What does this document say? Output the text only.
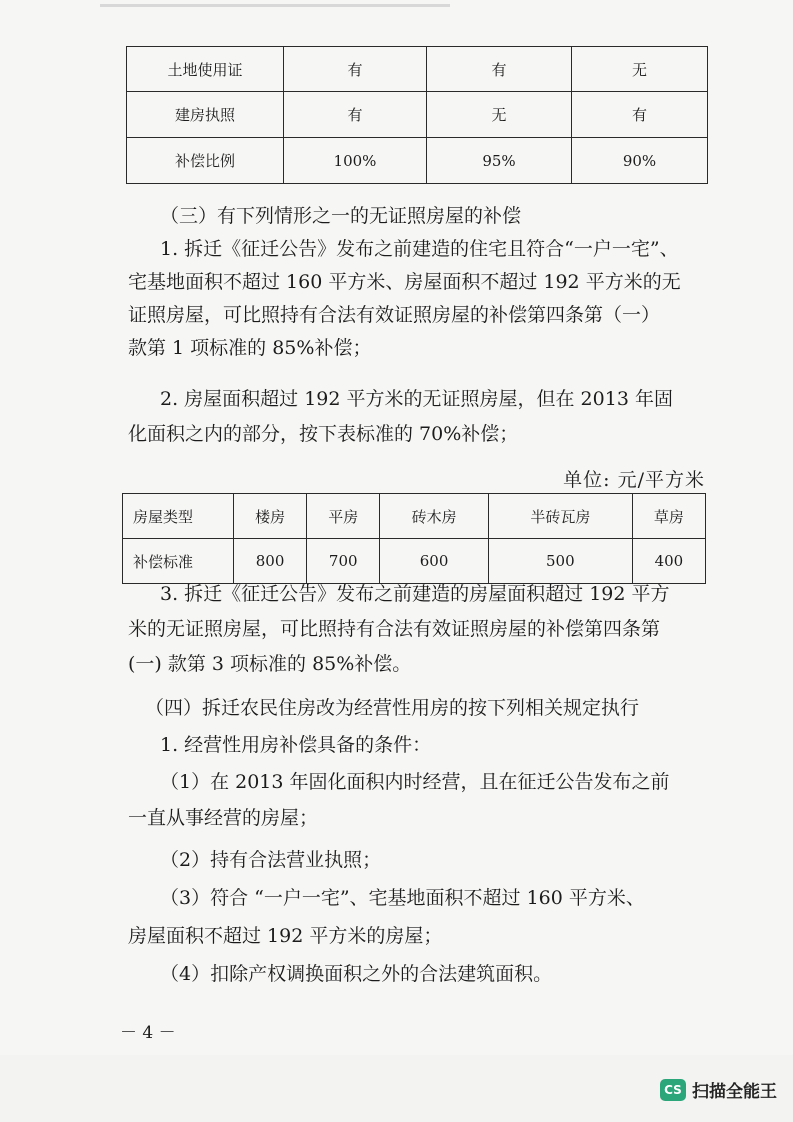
土地使用证	有	有	无
建房执照	有	无	有
补偿比例	100%	95%	90%
（三）有下列情形之一的无证照房屋的补偿
1. 拆迁《征迁公告》发布之前建造的住宅且符合“一户一宅”、
宅基地面积不超过 160 平方米、房屋面积不超过 192 平方米的无
证照房屋，可比照持有合法有效证照房屋的补偿第四条第（一）
款第 1 项标准的 85%补偿；
2. 房屋面积超过 192 平方米的无证照房屋，但在 2013 年固
化面积之内的部分，按下表标准的 70%补偿；
单位: 元/平方米
房屋类型	楼房	平房	砖木房	半砖瓦房	草房
补偿标准	800	700	600	500	400
3. 拆迁《征迁公告》发布之前建造的房屋面积超过 192 平方
米的无证照房屋，可比照持有合法有效证照房屋的补偿第四条第
(一) 款第 3 项标准的 85%补偿。
（四）拆迁农民住房改为经营性用房的按下列相关规定执行
1. 经营性用房补偿具备的条件：
（1）在 2013 年固化面积内时经营，且在征迁公告发布之前
一直从事经营的房屋；
（2）持有合法营业执照；
（3）符合 “一户一宅”、宅基地面积不超过 160 平方米、
房屋面积不超过 192 平方米的房屋；
（4）扣除产权调换面积之外的合法建筑面积。
－ 4 －
CS 扫描全能王
